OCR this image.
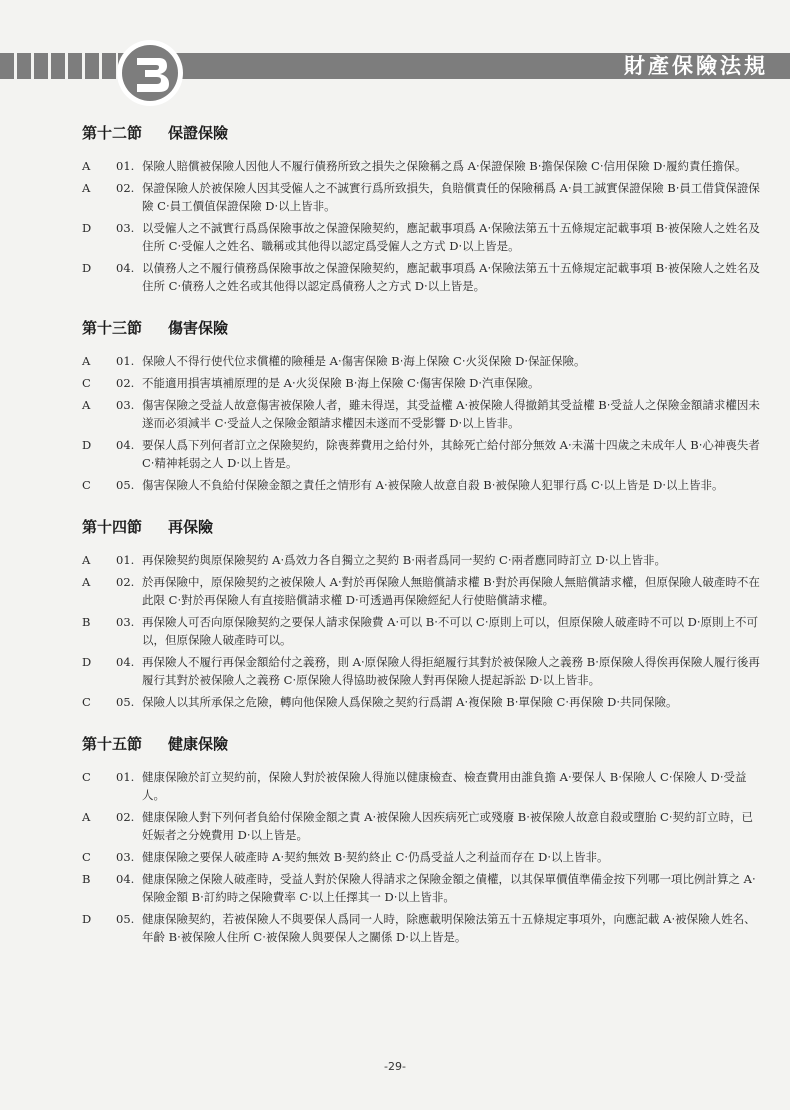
財產保險法規
第十二節 保證保險
A	01. 保險人賠償被保險人因他人不履行債務所致之損失之保險稱之爲 A‧保證保險 B‧擔保保險 C‧信用保險 D‧履約責任擔保。
A	02. 保證保險人於被保險人因其受僱人之不誠實行爲所致損失，負賠償責任的保險稱爲 A‧員工誠實保證保險 B‧員工借貸保證保險 C‧員工價值保證保險 D‧以上皆非。
D	03. 以受僱人之不誠實行爲爲保險事故之保證保險契約，應記載事項爲 A‧保險法第五十五條規定記載事項 B‧被保險人之姓名及住所 C‧受僱人之姓名、職稱或其他得以認定爲受僱人之方式 D‧以上皆是。
D	04. 以債務人之不履行債務爲保險事故之保證保險契約，應記載事項爲 A‧保險法第五十五條規定記載事項 B‧被保險人之姓名及住所 C‧債務人之姓名或其他得以認定爲債務人之方式 D‧以上皆是。
第十三節 傷害保險
A	01. 保險人不得行使代位求償權的險種是 A‧傷害保險 B‧海上保險 C‧火災保險 D‧保証保險。
C	02. 不能適用損害填補原理的是 A‧火災保險 B‧海上保險 C‧傷害保險 D‧汽車保險。
A	03. 傷害保險之受益人故意傷害被保險人者，雖未得逞，其受益權 A‧被保險人得撤銷其受益權 B‧受益人之保險金額請求權因未遂而必須減半 C‧受益人之保險金額請求權因未遂而不受影響 D‧以上皆非。
D	04. 要保人爲下列何者訂立之保險契約，除喪葬費用之給付外，其餘死亡給付部分無效 A‧未滿十四歲之未成年人 B‧心神喪失者 C‧精神耗弱之人 D‧以上皆是。
C	05. 傷害保險人不負給付保險金額之責任之情形有 A‧被保險人故意自殺 B‧被保險人犯罪行爲 C‧以上皆是 D‧以上皆非。
第十四節 再保險
A	01. 再保險契約與原保險契約 A‧爲效力各自獨立之契約 B‧兩者爲同一契約 C‧兩者應同時訂立 D‧以上皆非。
A	02. 於再保險中，原保險契約之被保險人 A‧對於再保險人無賠償請求權 B‧對於再保險人無賠償請求權，但原保險人破產時不在此限 C‧對於再保險人有直接賠償請求權 D‧可透過再保險經紀人行使賠償請求權。
B	03. 再保險人可否向原保險契約之要保人請求保險費 A‧可以 B‧不可以 C‧原則上可以，但原保險人破產時不可以 D‧原則上不可以，但原保險人破產時可以。
D	04. 再保險人不履行再保金額給付之義務，則 A‧原保險人得拒絕履行其對於被保險人之義務 B‧原保險人得俟再保險人履行後再履行其對於被保險人之義務 C‧原保險人得協助被保險人對再保險人提起訴訟 D‧以上皆非。
C	05. 保險人以其所承保之危險，轉向他保險人爲保險之契約行爲謂 A‧複保險 B‧單保險 C‧再保險 D‧共同保險。
第十五節 健康保險
C	01. 健康保險於訂立契約前，保險人對於被保險人得施以健康檢查、檢查費用由誰負擔 A‧要保人 B‧保險人 C‧保險人 D‧受益人。
A	02. 健康保險人對下列何者負給付保險金額之責 A‧被保險人因疾病死亡或殘廢 B‧被保險人故意自殺或墮胎 C‧契約訂立時，已妊娠者之分娩費用 D‧以上皆是。
C	03. 健康保險之要保人破產時 A‧契約無效 B‧契約終止 C‧仍爲受益人之利益而存在 D‧以上皆非。
B	04. 健康保險之保險人破產時，受益人對於保險人得請求之保險金額之債權，以其保單價值準備金按下列哪一項比例計算之 A‧保險金額 B‧訂約時之保險費率 C‧以上任擇其一 D‧以上皆非。
D	05. 健康保險契約，若被保險人不與要保人爲同一人時，除應載明保險法第五十五條規定事項外，向應記載 A‧被保險人姓名、年齡 B‧被保險人住所 C‧被保險人與要保人之關係 D‧以上皆是。
-29-
